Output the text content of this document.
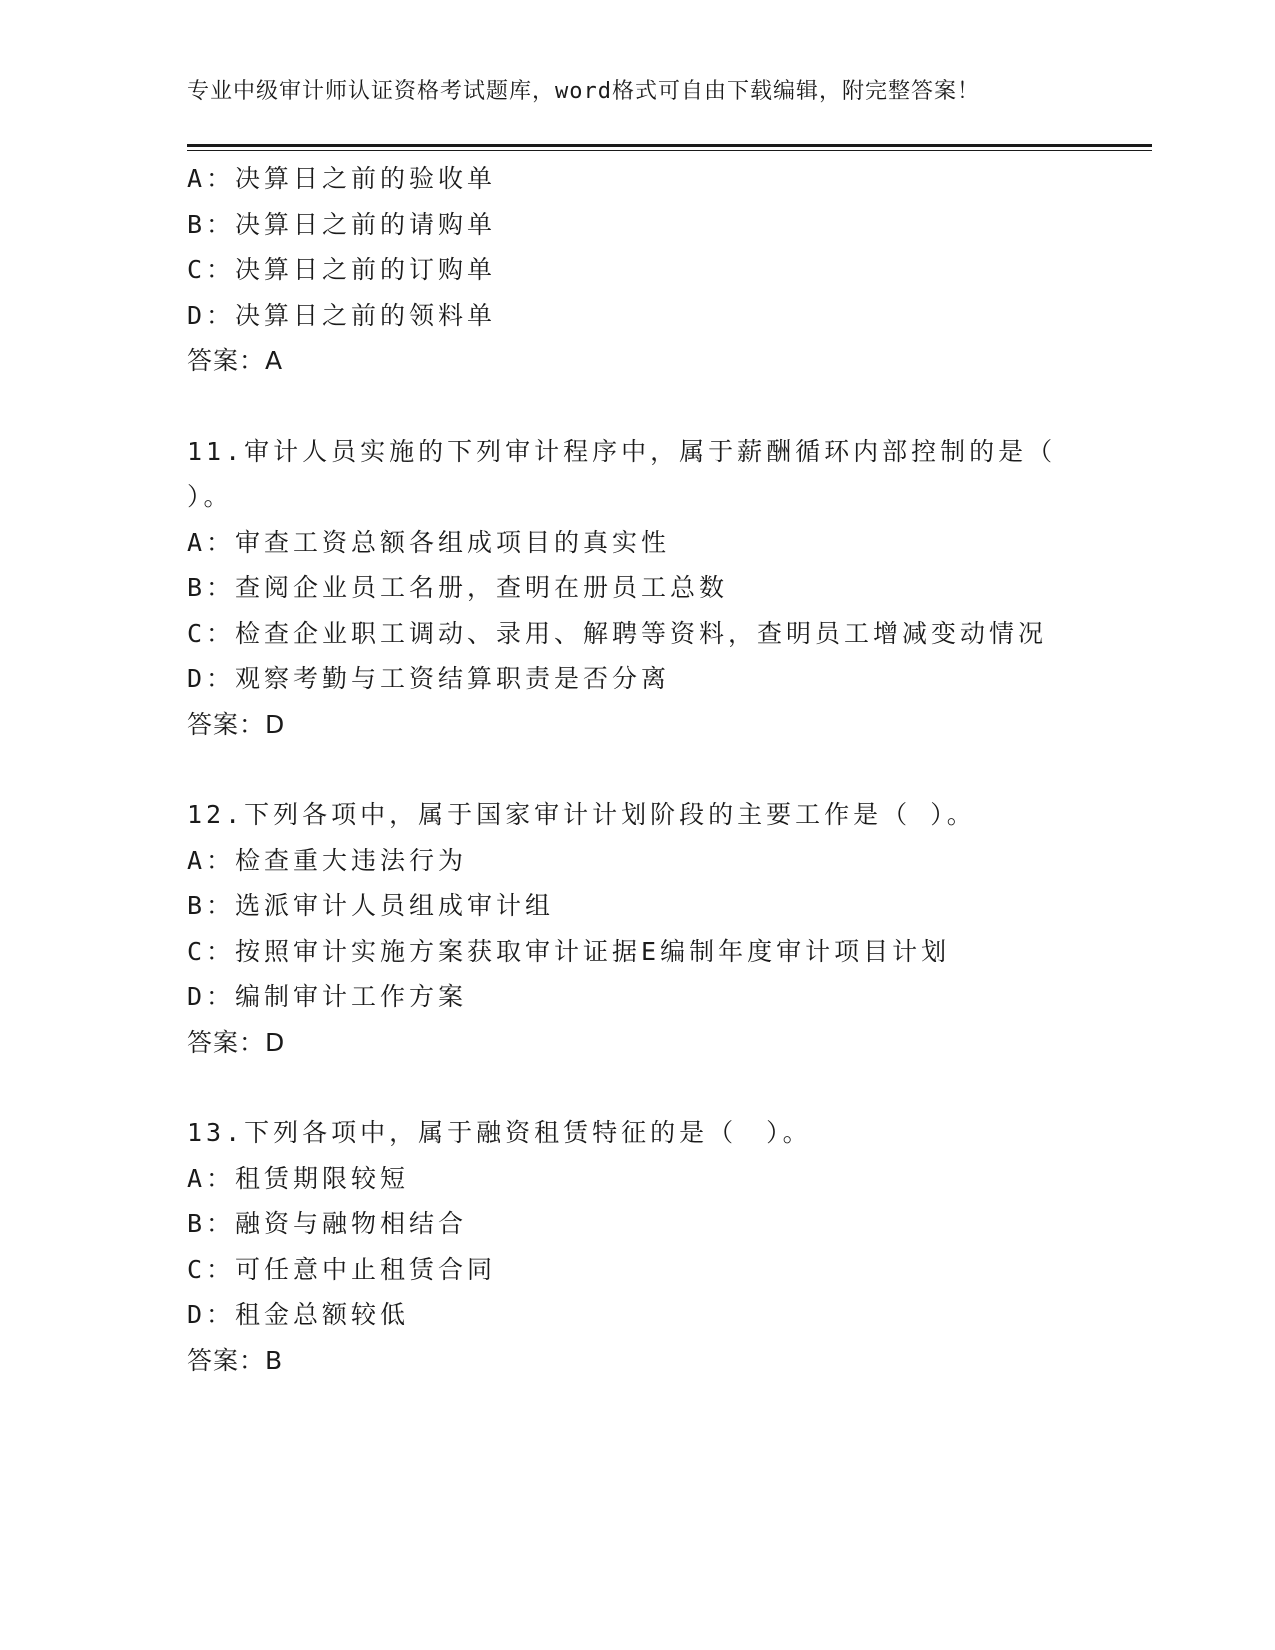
专业中级审计师认证资格考试题库，word格式可自由下载编辑，附完整答案！
A：决算日之前的验收单
B：决算日之前的请购单
C：决算日之前的订购单
D：决算日之前的领料单
答案：A
11.审计人员实施的下列审计程序中，属于薪酬循环内部控制的是（
）。
A：审查工资总额各组成项目的真实性
B：查阅企业员工名册，查明在册员工总数
C：检查企业职工调动、录用、解聘等资料，查明员工增减变动情况
D：观察考勤与工资结算职责是否分离
答案：D
12.下列各项中，属于国家审计计划阶段的主要工作是（ ）。
A：检查重大违法行为
B：选派审计人员组成审计组
C：按照审计实施方案获取审计证据E编制年度审计项目计划
D：编制审计工作方案
答案：D
13.下列各项中，属于融资租赁特征的是（　）。
A：租赁期限较短
B：融资与融物相结合
C：可任意中止租赁合同
D：租金总额较低
答案：B
